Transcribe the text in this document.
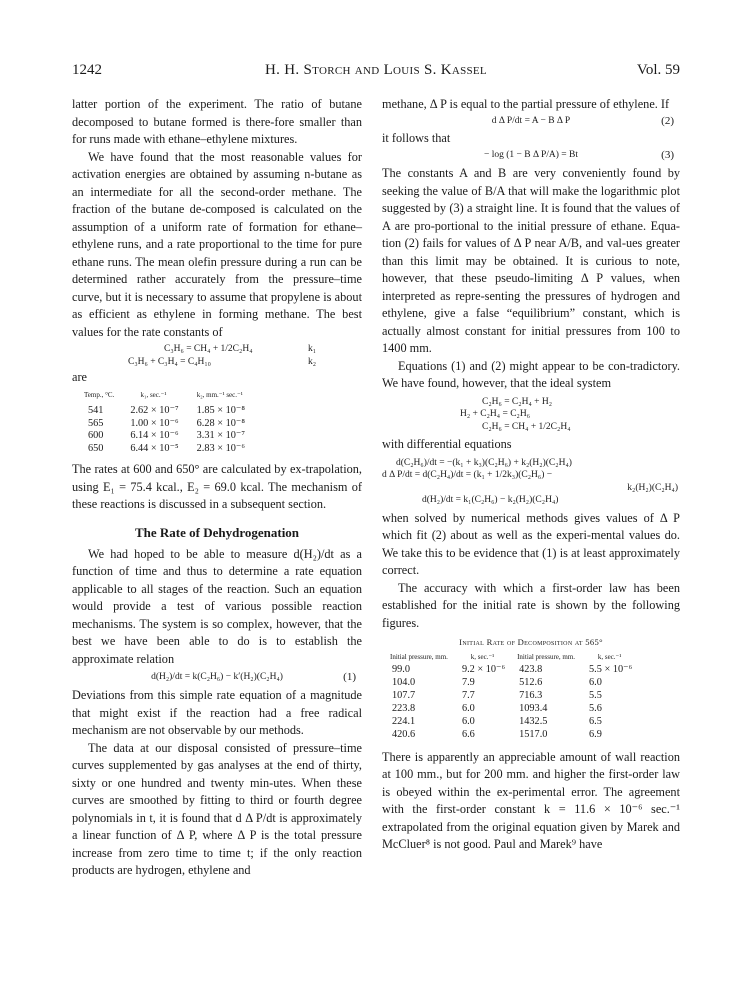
1242	H. H. Storch and Louis S. Kassel	Vol. 59

latter portion of the experiment. The ratio of butane decomposed to butane formed is there-fore smaller than for runs made with ethane–ethylene mixtures.

We have found that the most reasonable values for activation energies are obtained by assuming n-butane as an intermediate for all the second-order methane. The fraction of the butane de-composed is calculated on the assumption of a uniform rate of formation for ethane–ethylene runs, and a rate proportional to the time for pure ethane runs. The mean olefin pressure during a run can be determined rather accurately from the pressure–time curve, but it is necessary to assume that propylene is about as efficient as ethylene in forming methane. The best values for the rate constants of

C₃H₆ = CH₄ + 1/2C₂H₄	k₁
C₃H₆ + C₃H₄ = C₄H₁₀	k₂

are

Temp., °C.	k₁, sec.⁻¹	k₂, mm.⁻¹ sec.⁻¹
541	2.62 × 10⁻⁷	1.85 × 10⁻⁸
565	1.00 × 10⁻⁶	6.28 × 10⁻⁸
600	6.14 × 10⁻⁶	3.31 × 10⁻⁷
650	6.44 × 10⁻⁵	2.83 × 10⁻⁶

The rates at 600 and 650° are calculated by ex-trapolation, using E₁ = 75.4 kcal., E₂ = 69.0 kcal. The mechanism of these reactions is discussed in a subsequent section.

The Rate of Dehydrogenation

We had hoped to be able to measure d(H₂)/dt as a function of time and thus to determine a rate equation applicable to all stages of the reaction. Such an equation would provide a test of various possible reaction mechanisms. The system is so complex, however, that the best we have been able to do is to establish the approximate relation

d(H₂)/dt = k(C₂H₆) − k′(H₂)(C₂H₄)	(1)

Deviations from this simple rate equation of a magnitude that might exist if the reaction had a free radical mechanism are not observable by our methods.

The data at our disposal consisted of pressure–time curves supplemented by gas analyses at the end of thirty, sixty or one hundred and twenty min-utes. When these curves are smoothed by fitting to third or fourth degree polynomials in t, it is found that d Δ P/dt is approximately a linear function of Δ P, where Δ P is the total pressure increase from zero time to time t; if the only reaction products are hydrogen, ethylene and

methane, Δ P is equal to the partial pressure of ethylene. If

d Δ P/dt = A − B Δ P	(2)

it follows that

− log (1 − B Δ P/A) = Bt	(3)

The constants A and B are very conveniently found by seeking the value of B/A that will make the logarithmic plot suggested by (3) a straight line. It is found that the values of A are pro-portional to the initial pressure of ethane. Equa-tion (2) fails for values of Δ P near A/B, and val-ues greater than this limit may be obtained. It is curious to note, however, that these pseudo-limiting Δ P values, when interpreted as repre-senting the pressures of hydrogen and ethylene, give a false “equilibrium” constant, which is actually almost constant for initial pressures from 100 to 1400 mm.

Equations (1) and (2) might appear to be con-tradictory. We have found, however, that the ideal system

C₂H₆ = C₂H₄ + H₂
H₂ + C₂H₄ = C₂H₆
C₂H₆ = CH₄ + 1/2C₂H₄

with differential equations

d(C₂H₆)/dt = −(k₁ + k₃)(C₂H₆) + k₂(H₂)(C₂H₄)
d Δ P/dt = d(C₂H₄)/dt = (k₁ + 1/2k₃)(C₂H₆) −
k₂(H₂)(C₂H₄)
d(H₂)/dt = k₁(C₂H₆) − k₂(H₂)(C₂H₄)

when solved by numerical methods gives values of Δ P which fit (2) about as well as the experi-mental values do. We take this to be evidence that (1) is at least approximately correct.

The accuracy with which a first-order law has been established for the initial rate is shown by the following figures.

Initial Rate of Decomposition at 565°
Initial pressure, mm.	k, sec.⁻¹	Initial pressure, mm.	k, sec.⁻¹
99.0	9.2 × 10⁻⁶	423.8	5.5 × 10⁻⁶
104.0	7.9	512.6	6.0
107.7	7.7	716.3	5.5
223.8	6.0	1093.4	5.6
224.1	6.0	1432.5	6.5
420.6	6.6	1517.0	6.9

There is apparently an appreciable amount of wall reaction at 100 mm., but for 200 mm. and higher the first-order law is obeyed within the ex-perimental error. The agreement with the first-order constant k = 11.6 × 10⁻⁶ sec.⁻¹ extrapolated from the original equation given by Marek and McCluer⁸ is not good. Paul and Marek⁹ have
